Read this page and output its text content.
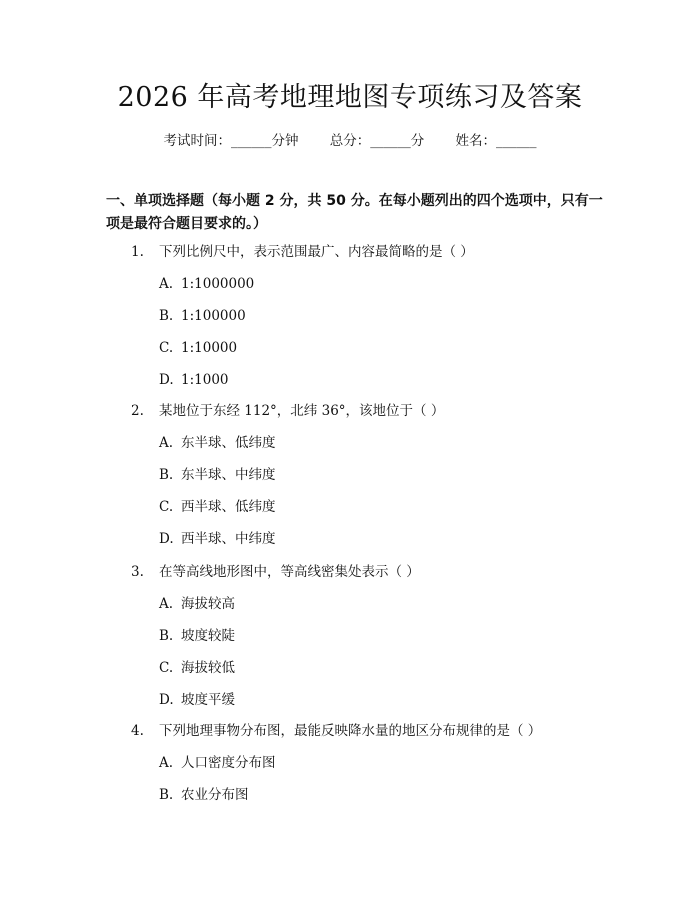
2026 年高考地理地图专项练习及答案
考试时间：______分钟　　 总分：______分　　 姓名：______
一、单项选择题（每小题 2 分，共 50 分。在每小题列出的四个选项中，只有一项是最符合题目要求的。）
1. 下列比例尺中，表示范围最广、内容最简略的是（ ）
A. 1:1000000
B. 1:100000
C. 1:10000
D. 1:1000
2. 某地位于东经 112°，北纬 36°，该地位于（ ）
A. 东半球、低纬度
B. 东半球、中纬度
C. 西半球、低纬度
D. 西半球、中纬度
3. 在等高线地形图中，等高线密集处表示（ ）
A. 海拔较高
B. 坡度较陡
C. 海拔较低
D. 坡度平缓
4. 下列地理事物分布图，最能反映降水量的地区分布规律的是（ ）
A. 人口密度分布图
B. 农业分布图
